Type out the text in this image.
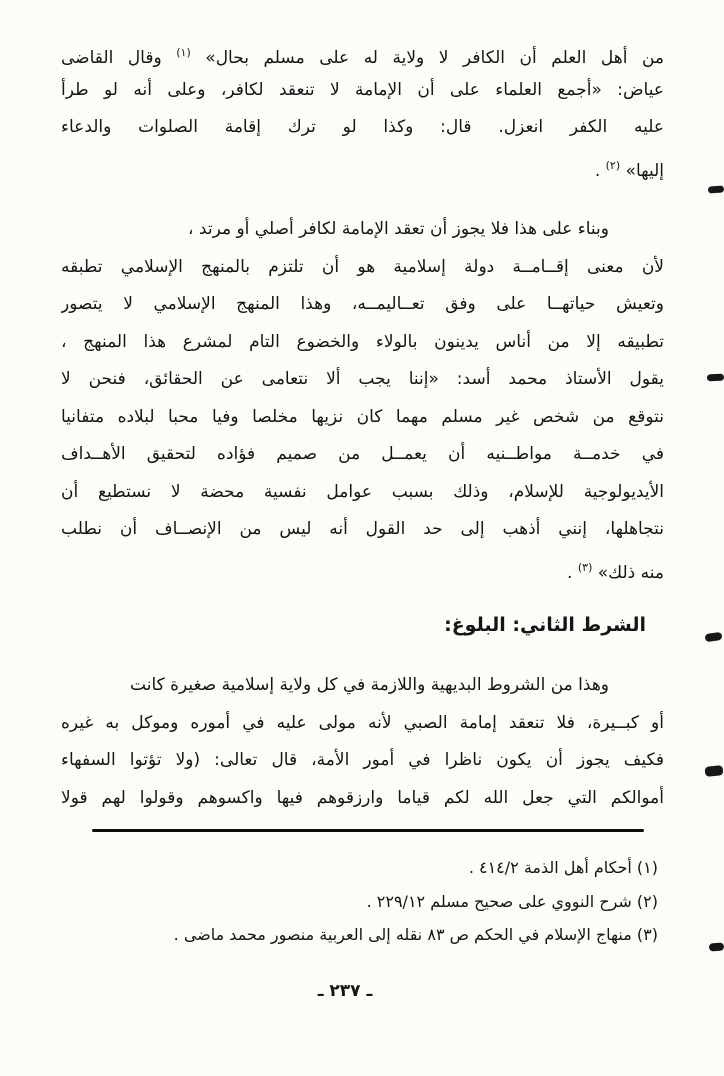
من أهل العلم أن الكافر لا ولاية له على مسلم بحال» $^{(١)}$ وقال القاضى
عياض: «أجمع العلماء على أن الإمامة لا تنعقد لكافر، وعلى أنه لو طرأ
عليه الكفر انعزل. قال: وكذا لو ترك إقامة الصلوات والدعاء
إليها» $^{(٢)}$ .
وبناء على هذا فلا يجوز أن تعقد الإمامة لكافر أصلي أو مرتد ،
لأن معنى إقــامــة دولة إسلامية هو أن تلتزم بالمنهج الإسلامي تطبقه
وتعيش حياتهــا على وفق تعــاليمــه، وهذا المنهج الإسلامي لا يتصور
تطبيقه إلا من أناس يدينون بالولاء والخضوع التام لمشرع هذا المنهج ،
يقول الأستاذ محمد أسد: «إننا يجب ألا نتعامى عن الحقائق، فنحن لا
نتوقع من شخص غير مسلم مهما كان نزيها مخلصا وفيا محبا لبلاده متفانيا
في خدمــة مواطــنيه أن يعمــل من صميم فؤاده لتحقيق الأهــداف
الأيديولوجية للإسلام، وذلك بسبب عوامل نفسية محضة لا نستطيع أن
نتجاهلها، إنني أذهب إلى حد القول أنه ليس من الإنصــاف أن نطلب
منه ذلك» $^{(٣)}$ .
الشرط الثاني: البلوغ:
وهذا من الشروط البديهية واللازمة في كل ولاية إسلامية صغيرة كانت
أو كبــيرة، فلا تنعقد إمامة الصبي لأنه مولى عليه في أموره وموكل به غيره
فكيف يجوز أن يكون ناظرا في أمور الأمة، قال تعالى: (ولا تؤتوا السفهاء
أموالكم التي جعل الله لكم قياما وارزقوهم فيها واكسوهم وقولوا لهم قولا
(١) أحكام أهل الذمة ٤١٤/٢ .
(٢) شرح النووي على صحيح مسلم ٢٢٩/١٢ .
(٣) منهاج الإسلام في الحكم ص ٨٣ نقله إلى العربية منصور محمد ماضى .
ـ ٢٣٧ ـ
